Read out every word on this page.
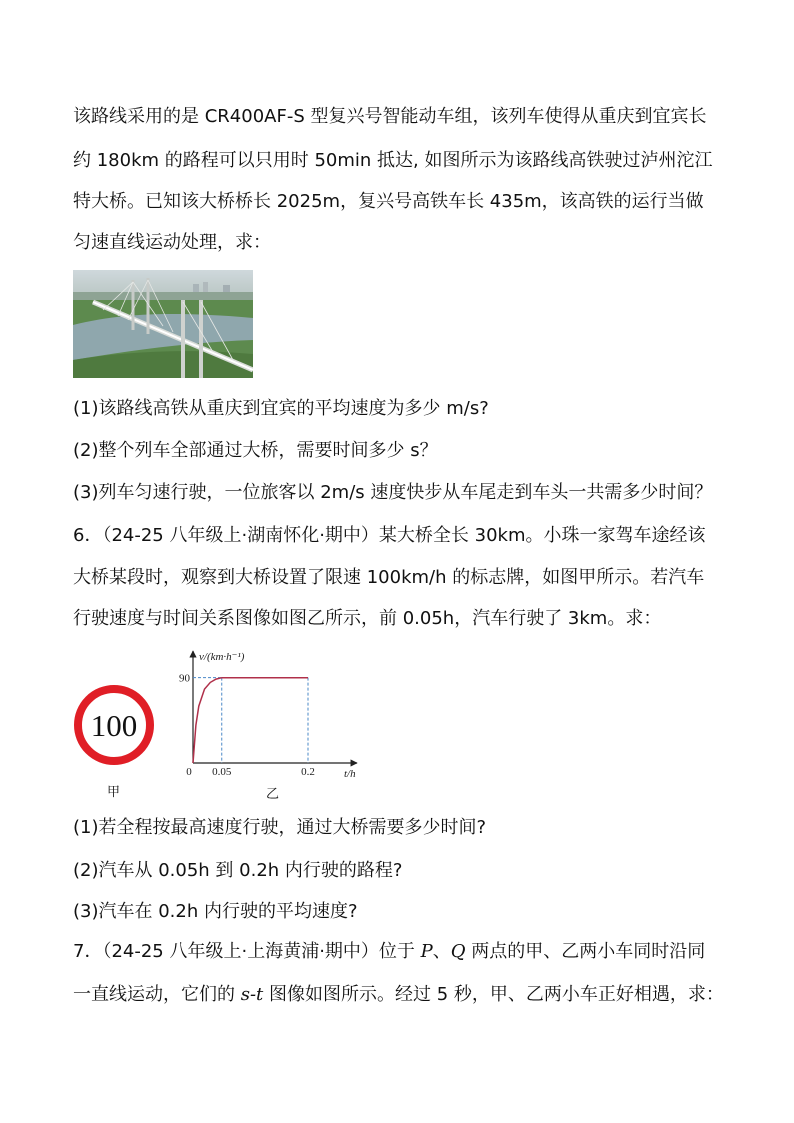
该路线采用的是 CR400AF-S 型复兴号智能动车组，该列车使得从重庆到宜宾长
约 180km 的路程可以只用时 50min 抵达, 如图所示为该路线高铁驶过泸州沱江
特大桥。已知该大桥桥长 2025m，复兴号高铁车长 435m，该高铁的运行当做
匀速直线运动处理，求：
(1)该路线高铁从重庆到宜宾的平均速度为多少 m/s?
(2)整个列车全部通过大桥，需要时间多少 s？
(3)列车匀速行驶，一位旅客以 2m/s 速度快步从车尾走到车头一共需多少时间？
6．（24-25 八年级上·湖南怀化·期中）某大桥全长 30km。小珠一家驾车途经该
大桥某段时，观察到大桥设置了限速 100km/h 的标志牌，如图甲所示。若汽车
行驶速度与时间关系图像如图乙所示，前 0.05h，汽车行驶了 3km。求：
100
甲	乙
v/(km·h⁻¹)
t/h
0 0.05	0.2
90
(1)若全程按最高速度行驶，通过大桥需要多少时间?
(2)汽车从 0.05h 到 0.2h 内行驶的路程?
(3)汽车在 0.2h 内行驶的平均速度?
7．（24-25 八年级上·上海黄浦·期中）位于 P、Q 两点的甲、乙两小车同时沿同
一直线运动，它们的 s-t 图像如图所示。经过 5 秒，甲、乙两小车正好相遇，求：
